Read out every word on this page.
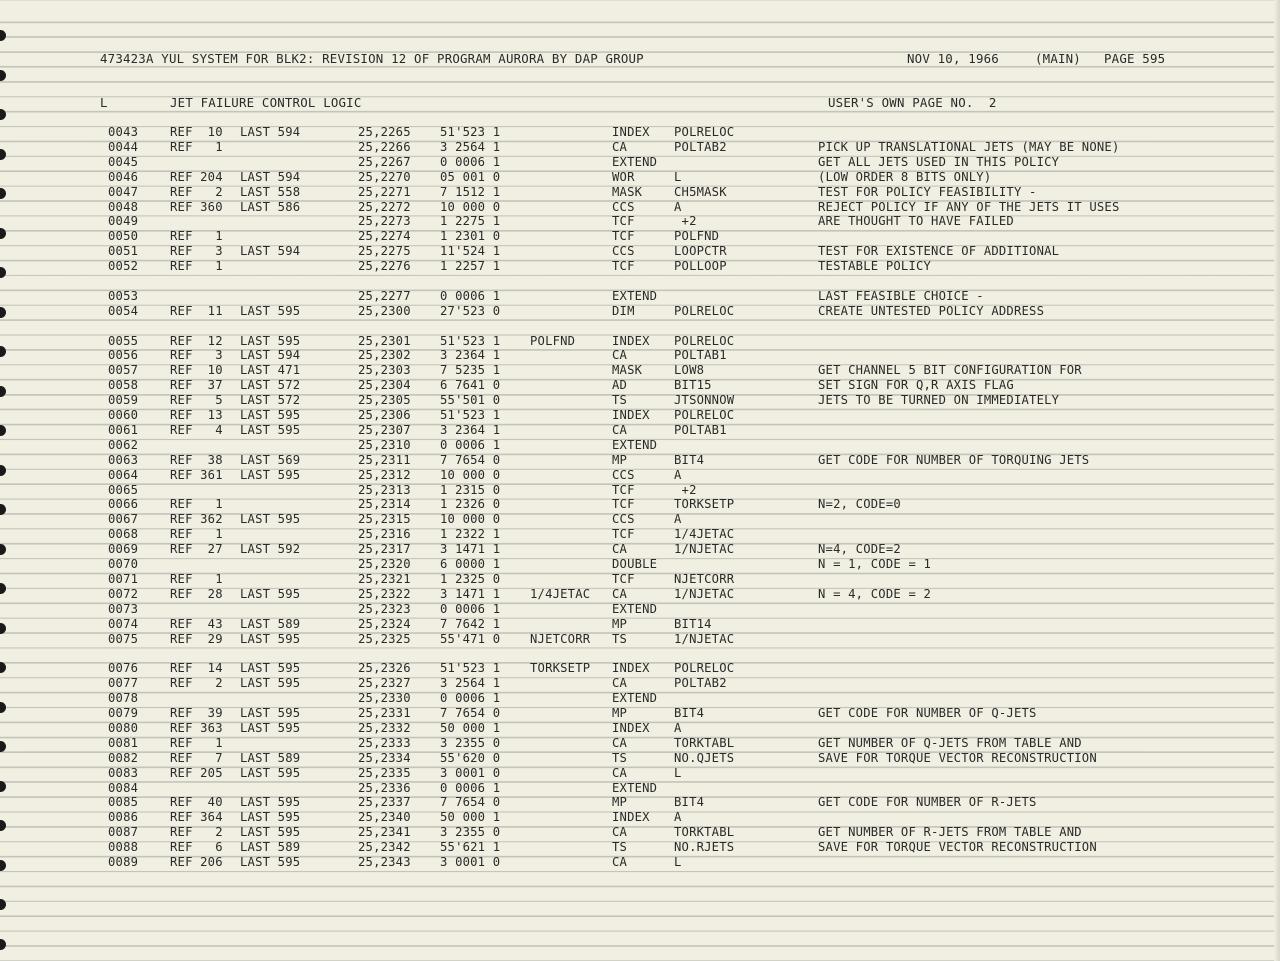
473423A YUL SYSTEM FOR BLK2: REVISION 12 OF PROGRAM AURORA BY DAP GROUP	NOV 10, 1966	(MAIN) PAGE 595
L	JET FAILURE CONTROL LOGIC	USER'S OWN PAGE NO.  2
0043	REF  10 LAST 594	25,2265 51'523 1	INDEX POLRELOC
0044	REF   1	25,2266 3 2564 1	CA	POLTAB2	PICK UP TRANSLATIONAL JETS (MAY BE NONE)
0045	25,2267 0 0006 1	EXTEND	GET ALL JETS USED IN THIS POLICY
0046	REF 204 LAST 594	25,2270 05 001 0	WOR	L	(LOW ORDER 8 BITS ONLY)
0047	REF   2 LAST 558	25,2271 7 1512 1	MASK	CH5MASK	TEST FOR POLICY FEASIBILITY -
0048	REF 360 LAST 586	25,2272 10 000 0	CCS	A	REJECT POLICY IF ANY OF THE JETS IT USES
0049	25,2273 1 2275 1	TCF	+2	ARE THOUGHT TO HAVE FAILED
0050	REF   1	25,2274 1 2301 0	TCF	POLFND
0051	REF   3 LAST 594	25,2275 11'524 1	CCS	LOOPCTR	TEST FOR EXISTENCE OF ADDITIONAL
0052	REF   1	25,2276 1 2257 1	TCF	POLLOOP	TESTABLE POLICY
0053	25,2277 0 0006 1	EXTEND	LAST FEASIBLE CHOICE -
0054	REF  11 LAST 595	25,2300 27'523 0	DIM	POLRELOC	CREATE UNTESTED POLICY ADDRESS
0055	REF  12 LAST 595	25,2301 51'523 1 POLFND	INDEX POLRELOC
0056	REF   3 LAST 594	25,2302 3 2364 1	CA	POLTAB1
0057	REF  10 LAST 471	25,2303 7 5235 1	MASK	LOW8	GET CHANNEL 5 BIT CONFIGURATION FOR
0058	REF  37 LAST 572	25,2304 6 7641 0	AD	BIT15	SET SIGN FOR Q,R AXIS FLAG
0059	REF   5 LAST 572	25,2305 55'501 0	TS	JTSONNOW	JETS TO BE TURNED ON IMMEDIATELY
0060	REF  13 LAST 595	25,2306 51'523 1	INDEX POLRELOC
0061	REF   4 LAST 595	25,2307 3 2364 1	CA	POLTAB1
0062	25,2310 0 0006 1	EXTEND
0063	REF  38 LAST 569	25,2311 7 7654 0	MP	BIT4	GET CODE FOR NUMBER OF TORQUING JETS
0064	REF 361 LAST 595	25,2312 10 000 0	CCS	A
0065	25,2313 1 2315 0	TCF	+2
0066	REF   1	25,2314 1 2326 0	TCF	TORKSETP	N=2, CODE=0
0067	REF 362 LAST 595	25,2315 10 000 0	CCS	A
0068	REF   1	25,2316 1 2322 1	TCF	1/4JETAC
0069	REF  27 LAST 592	25,2317 3 1471 1	CA	1/NJETAC	N=4, CODE=2
0070	25,2320 6 0000 1	DOUBLE	N = 1, CODE = 1
0071	REF   1	25,2321 1 2325 0	TCF	NJETCORR
0072	REF  28 LAST 595	25,2322 3 1471 1 1/4JETAC CA	1/NJETAC	N = 4, CODE = 2
0073	25,2323 0 0006 1	EXTEND
0074	REF  43 LAST 589	25,2324 7 7642 1	MP	BIT14
0075	REF  29 LAST 595	25,2325 55'471 0 NJETCORR TS	1/NJETAC
0076	REF  14 LAST 595	25,2326 51'523 1 TORKSETP INDEX POLRELOC
0077	REF   2 LAST 595	25,2327 3 2564 1	CA	POLTAB2
0078	25,2330 0 0006 1	EXTEND
0079	REF  39 LAST 595	25,2331 7 7654 0	MP	BIT4	GET CODE FOR NUMBER OF Q-JETS
0080	REF 363 LAST 595	25,2332 50 000 1	INDEX A
0081	REF   1	25,2333 3 2355 0	CA	TORKTABL	GET NUMBER OF Q-JETS FROM TABLE AND
0082	REF   7 LAST 589	25,2334 55'620 0	TS	NO.QJETS	SAVE FOR TORQUE VECTOR RECONSTRUCTION
0083	REF 205 LAST 595	25,2335 3 0001 0	CA	L
0084	25,2336 0 0006 1	EXTEND
0085	REF  40 LAST 595	25,2337 7 7654 0	MP	BIT4	GET CODE FOR NUMBER OF R-JETS
0086	REF 364 LAST 595	25,2340 50 000 1	INDEX A
0087	REF   2 LAST 595	25,2341 3 2355 0	CA	TORKTABL	GET NUMBER OF R-JETS FROM TABLE AND
0088	REF   6 LAST 589	25,2342 55'621 1	TS	NO.RJETS	SAVE FOR TORQUE VECTOR RECONSTRUCTION
0089	REF 206 LAST 595	25,2343 3 0001 0	CA	L
